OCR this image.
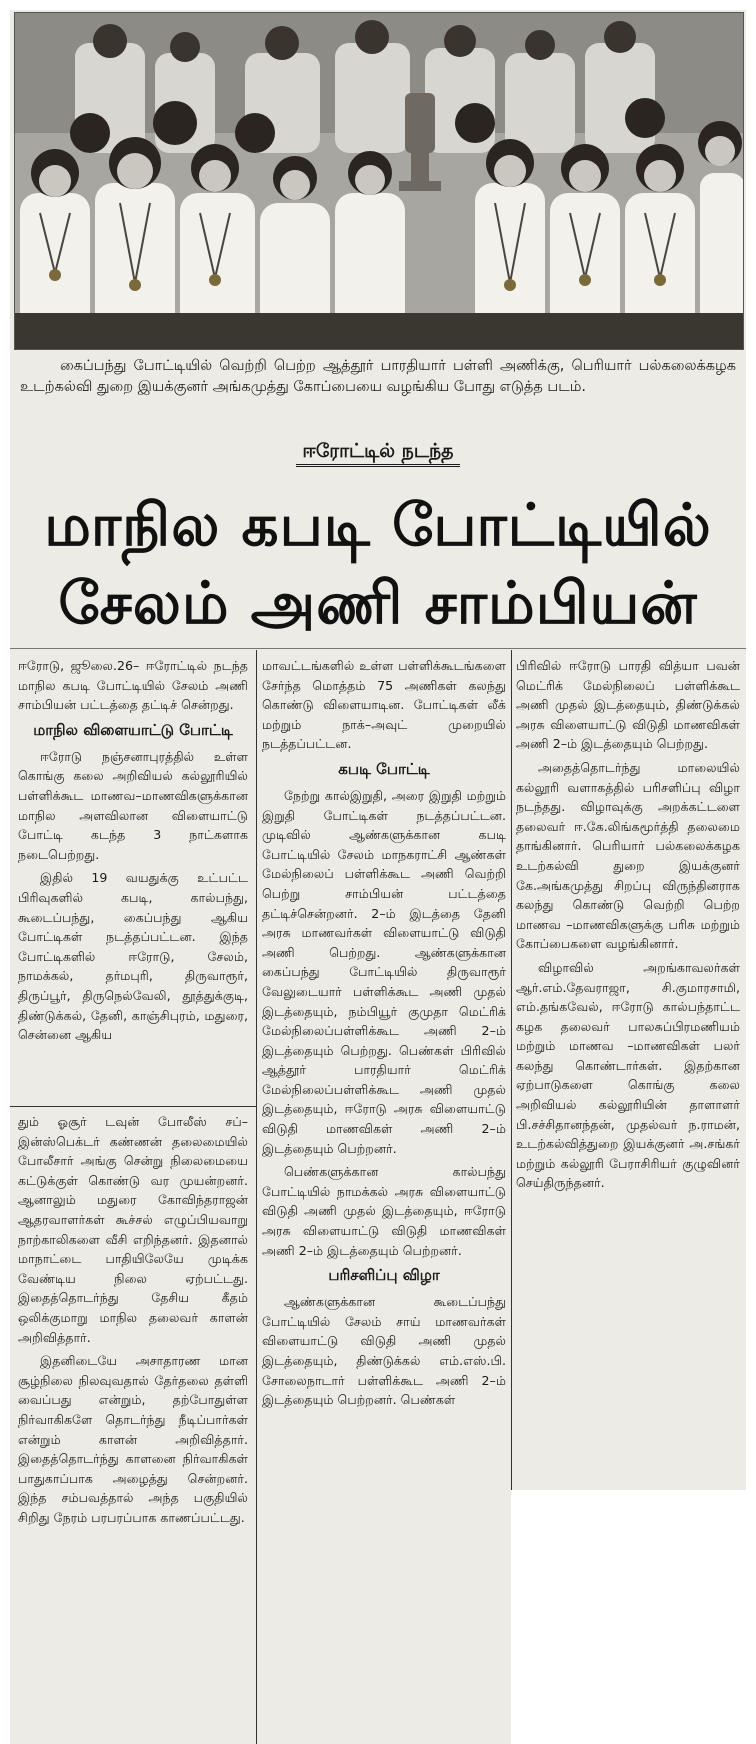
கைப்பந்து போட்டியில் வெற்றி பெற்ற ஆத்தூர் பாரதியார் பள்ளி அணிக்கு, பெரியார் பல்கலைக்கழக உடற்கல்வி துறை இயக்குனர் அங்கமுத்து கோப்பையை வழங்கிய போது எடுத்த படம்.
ஈரோட்டில் நடந்த
மாநில கபடி போட்டியில்
சேலம் அணி சாம்பியன்

ஈரோடு, ஜூலை.26– ஈரோட்டில் நடந்த மாநில கபடி போட்டியில் சேலம் அணி சாம்பியன் பட்டத்தை தட்டிச் சென்றது.

மாநில விளையாட்டு போட்டி

ஈரோடு நஞ்சனாபுரத்தில் உள்ள கொங்கு கலை அறிவியல் கல்லூரியில் பள்ளிக்கூட மாணவ–மாணவிகளுக்கான மாநில அளவிலான விளையாட்டு போட்டி கடந்த 3 நாட்களாக நடைபெற்றது.

இதில் 19 வயதுக்கு உட்பட்ட பிரிவுகளில் கபடி, கால்பந்து, கூடைப்பந்து, கைப்பந்து ஆகிய போட்டிகள் நடத்தப்பட்டன. இந்த போட்டிகளில் ஈரோடு, சேலம், நாமக்கல், தர்மபுரி, திருவாரூர், திருப்பூர், திருநெல்வேலி, தூத்துக்குடி, திண்டுக்கல், தேனி, காஞ்சிபுரம், மதுரை, சென்னை ஆகிய

தும் ஓசூர் டவுன் போலீஸ் சப்–இன்ஸ்பெக்டர் கண்ணன் தலைமையில் போலீசார் அங்கு சென்று நிலைமையை கட்டுக்குள் கொண்டு வர முயன்றனர். ஆனாலும் மதுரை கோவிந்தராஜன் ஆதரவாளர்கள் கூச்சல் எழுப்பியவாறு நாற்காலிகளை வீசி எறிந்தனர். இதனால் மாநாட்டை பாதியிலேயே முடிக்க வேண்டிய நிலை ஏற்பட்டது. இதைத்தொடர்ந்து தேசிய கீதம் ஒலிக்குமாறு மாநில தலைவர் காளன் அறிவித்தார்.

இதனிடையே அசாதாரண மான சூழ்நிலை நிலவுவதால் தேர்தலை தள்ளி வைப்பது என்றும், தற்போதுள்ள நிர்வாகிகளே தொடர்ந்து நீடிப்பார்கள் என்றும் காளன் அறிவித்தார். இதைத்தொடர்ந்து காளனை நிர்வாகிகள் பாதுகாப்பாக அழைத்து சென்றனர். இந்த சம்பவத்தால் அந்த பகுதியில் சிறிது நேரம் பரபரப்பாக காணப்பட்டது.

மாவட்டங்களில் உள்ள பள்ளிக்கூடங்களை சேர்ந்த மொத்தம் 75 அணிகள் கலந்து கொண்டு விளையாடின. போட்டிகள் லீக் மற்றும் நாக்–அவுட் முறையில் நடத்தப்பட்டன.

கபடி போட்டி

நேற்று கால்இறுதி, அரை இறுதி மற்றும் இறுதி போட்டிகள் நடத்தப்பட்டன. முடிவில் ஆண்களுக்கான கபடி போட்டியில் சேலம் மாநகராட்சி ஆண்கள் மேல்நிலைப் பள்ளிக்கூட அணி வெற்றி பெற்று சாம்பியன் பட்டத்தை தட்டிச்சென்றனர். 2–ம் இடத்தை தேனி அரசு மாணவர்கள் விளையாட்டு விடுதி அணி பெற்றது. ஆண்களுக்கான கைப்பந்து போட்டியில் திருவாரூர் வேலுடையார் பள்ளிக்கூட அணி முதல் இடத்தையும், நம்பியூர் குமுதா மெட்ரிக் மேல்நிலைப்பள்ளிக்கூட அணி 2–ம் இடத்தையும் பெற்றது. பெண்கள் பிரிவில் ஆத்தூர் பாரதியார் மெட்ரிக் மேல்நிலைப்பள்ளிக்கூட அணி முதல் இடத்தையும், ஈரோடு அரசு விளையாட்டு விடுதி மாணவிகள் அணி 2–ம் இடத்தையும் பெற்றனர்.

பெண்களுக்கான கால்பந்து போட்டியில் நாமக்கல் அரசு விளையாட்டு விடுதி அணி முதல் இடத்தையும், ஈரோடு அரசு விளையாட்டு விடுதி மாணவிகள் அணி 2–ம் இடத்தையும் பெற்றனர்.

பரிசளிப்பு விழா

ஆண்களுக்கான கூடைப்பந்து போட்டியில் சேலம் சாய் மாணவர்கள் விளையாட்டு விடுதி அணி முதல் இடத்தையும், திண்டுக்கல் எம்.எஸ்.பி. சோலைநாடார் பள்ளிக்கூட அணி 2–ம் இடத்தையும் பெற்றனர். பெண்கள்

பிரிவில் ஈரோடு பாரதி வித்யா பவன் மெட்ரிக் மேல்நிலைப் பள்ளிக்கூட அணி முதல் இடத்தையும், திண்டுக்கல் அரசு விளையாட்டு விடுதி மாணவிகள் அணி 2–ம் இடத்தையும் பெற்றது.

அதைத்தொடர்ந்து மாலையில் கல்லூரி வளாகத்தில் பரிசளிப்பு விழா நடந்தது. விழாவுக்கு அறக்கட்டளை தலைவர் ஈ.கே.லிங்கமூர்த்தி தலைமை தாங்கினார். பெரியார் பல்கலைக்கழக உடற்கல்வி துறை இயக்குனர் கே.அங்கமுத்து சிறப்பு விருந்தினராக கலந்து கொண்டு வெற்றி பெற்ற மாணவ –மாணவிகளுக்கு பரிசு மற்றும் கோப்பைகளை வழங்கினார்.

விழாவில் அறங்காவலர்கள் ஆர்.எம்.தேவராஜா, சி.குமாரசாமி, எம்.தங்கவேல், ஈரோடு கால்பந்தாட்ட கழக தலைவர் பாலசுப்பிரமணியம் மற்றும் மாணவ –மாணவிகள் பலர் கலந்து கொண்டார்கள். இதற்கான ஏற்பாடுகளை கொங்கு கலை அறிவியல் கல்லூரியின் தாளாளர் பி.சச்சிதானந்தன், முதல்வர் ந.ராமன், உடற்கல்வித்துறை இயக்குனர் அ.சங்கர் மற்றும் கல்லூரி பேராசிரியர் குழுவினர் செய்திருந்தனர்.
